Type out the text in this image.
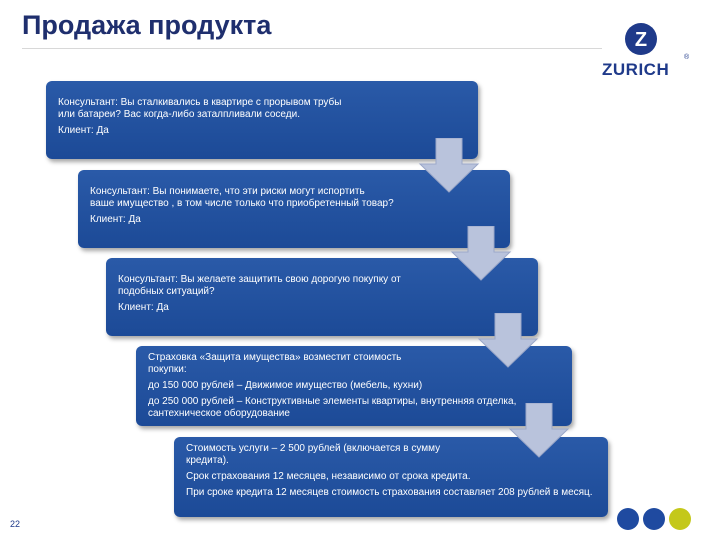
Продажа продукта	Z
ZURICH
®
Консультант: Вы сталкивались в квартире с прорывом трубы
или батареи? Вас когда-либо заталпливали соседи.
Клиент: Да
Консультант: Вы понимаете, что эти риски могут испортить
ваше имущество , в том числе только что приобретенный товар?
Клиент: Да
Консультант: Вы желаете защитить свою дорогую покупку от
подобных ситуаций?
Клиент: Да
Страховка «Защита имущества» возместит стоимость
покупки:
до 150 000 рублей – Движимое имущество (мебель, кухни)
до 250 000 рублей – Конструктивные элементы квартиры, внутренняя отделка, сантехническое оборудование
Стоимость услуги – 2 500 рублей (включается в сумму
кредита).
Срок страхования 12 месяцев, независимо от срока кредита.
При сроке кредита 12 месяцев стоимость страхования составляет 208 рублей в месяц.
22
